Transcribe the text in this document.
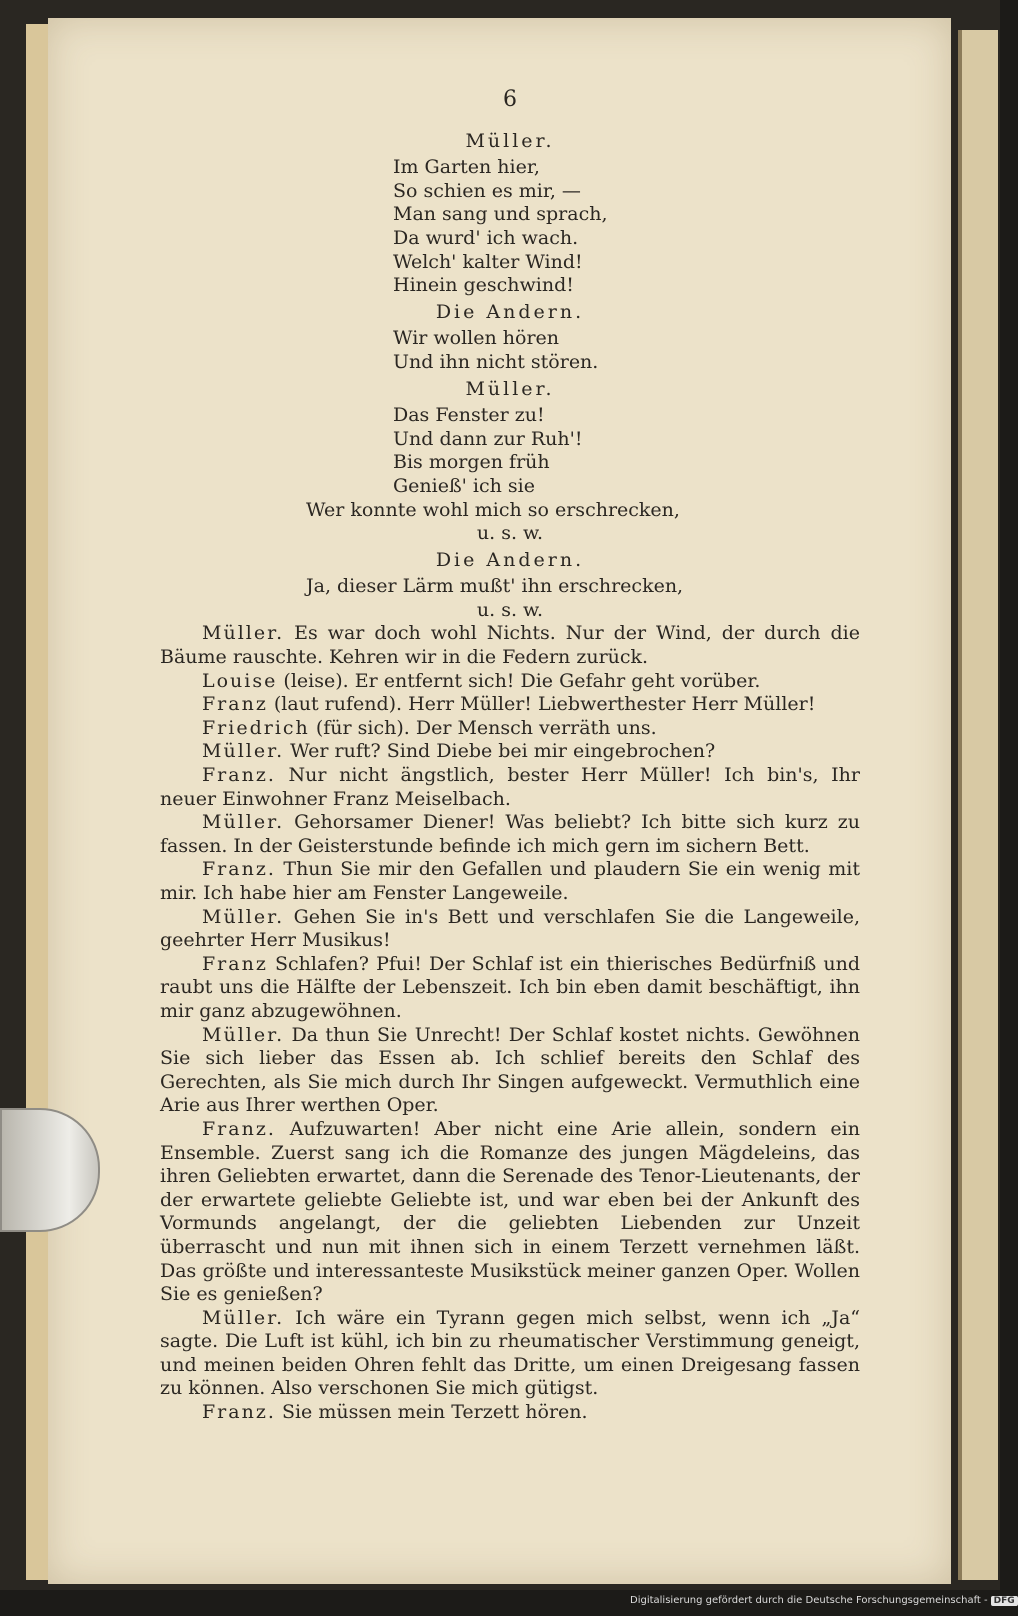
6
Müller.
Im Garten hier,
So schien es mir, —
Man sang und sprach,
Da wurd' ich wach.
Welch' kalter Wind!
Hinein geschwind!
Die Andern.
Wir wollen hören
Und ihn nicht stören.
Müller.
Das Fenster zu!
Und dann zur Ruh'!
Bis morgen früh
Genieß' ich sie
Wer konnte wohl mich so erschrecken,
u. s. w.
Die Andern.
Ja, dieser Lärm mußt' ihn erschrecken,
u. s. w.

Müller. Es war doch wohl Nichts. Nur der Wind, der durch die Bäume rauschte. Kehren wir in die Federn zurück.

Louise (leise). Er entfernt sich! Die Gefahr geht vorüber.

Franz (laut rufend). Herr Müller! Liebwerthester Herr Müller!

Friedrich (für sich). Der Mensch verräth uns.

Müller. Wer ruft? Sind Diebe bei mir eingebrochen?

Franz. Nur nicht ängstlich, bester Herr Müller! Ich bin's, Ihr neuer Einwohner Franz Meiselbach.

Müller. Gehorsamer Diener! Was beliebt? Ich bitte sich kurz zu fassen. In der Geisterstunde befinde ich mich gern im sichern Bett.

Franz. Thun Sie mir den Gefallen und plaudern Sie ein wenig mit mir. Ich habe hier am Fenster Langeweile.

Müller. Gehen Sie in's Bett und verschlafen Sie die Langeweile, geehrter Herr Musikus!

Franz Schlafen? Pfui! Der Schlaf ist ein thierisches Bedürfniß und raubt uns die Hälfte der Lebenszeit. Ich bin eben damit beschäftigt, ihn mir ganz abzugewöhnen.

Müller. Da thun Sie Unrecht! Der Schlaf kostet nichts. Gewöhnen Sie sich lieber das Essen ab. Ich schlief bereits den Schlaf des Gerechten, als Sie mich durch Ihr Singen aufgeweckt. Vermuthlich eine Arie aus Ihrer werthen Oper.

Franz. Aufzuwarten! Aber nicht eine Arie allein, sondern ein Ensemble. Zuerst sang ich die Romanze des jungen Mägdeleins, das ihren Geliebten erwartet, dann die Serenade des Tenor-Lieutenants, der der erwartete geliebte Geliebte ist, und war eben bei der Ankunft des Vormunds angelangt, der die geliebten Liebenden zur Unzeit überrascht und nun mit ihnen sich in einem Terzett vernehmen läßt. Das größte und interessanteste Musikstück meiner ganzen Oper. Wollen Sie es genießen?

Müller. Ich wäre ein Tyrann gegen mich selbst, wenn ich „Ja“ sagte. Die Luft ist kühl, ich bin zu rheumatischer Verstimmung geneigt, und meinen beiden Ohren fehlt das Dritte, um einen Dreigesang fassen zu können. Also verschonen Sie mich gütigst.

Franz. Sie müssen mein Terzett hören.

Digitalisierung gefördert durch die Deutsche Forschungsgemeinschaft - DFG
